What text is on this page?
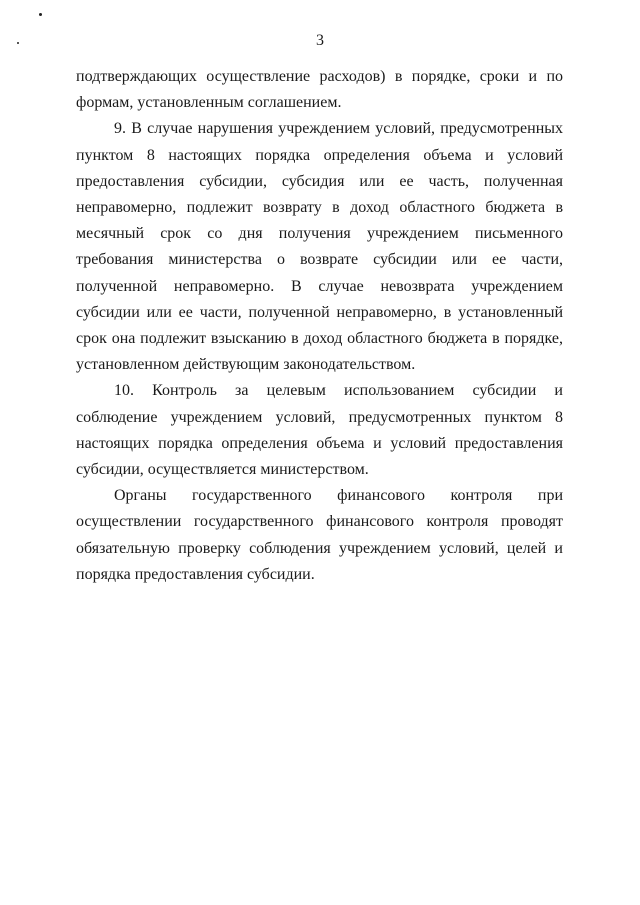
3

подтверждающих осуществление расходов) в порядке, сроки и по формам, установленным соглашением.

9. В случае нарушения учреждением условий, предусмотренных пунктом 8 настоящих порядка определения объема и условий предоставления субсидии, субсидия или ее часть, полученная неправомерно, подлежит возврату в доход областного бюджета в месячный срок со дня получения учреждением письменного требования министерства о возврате субсидии или ее части, полученной неправомерно. В случае невозврата учреждением субсидии или ее части, полученной неправомерно, в установленный срок она подлежит взысканию в доход областного бюджета в порядке, установленном действующим законодательством.

10. Контроль за целевым использованием субсидии и соблюдение учреждением условий, предусмотренных пунктом 8 настоящих порядка определения объема и условий предоставления субсидии, осуществляется министерством.

Органы государственного финансового контроля при осуществлении государственного финансового контроля проводят обязательную проверку соблюдения учреждением условий, целей и порядка предоставления субсидии.
